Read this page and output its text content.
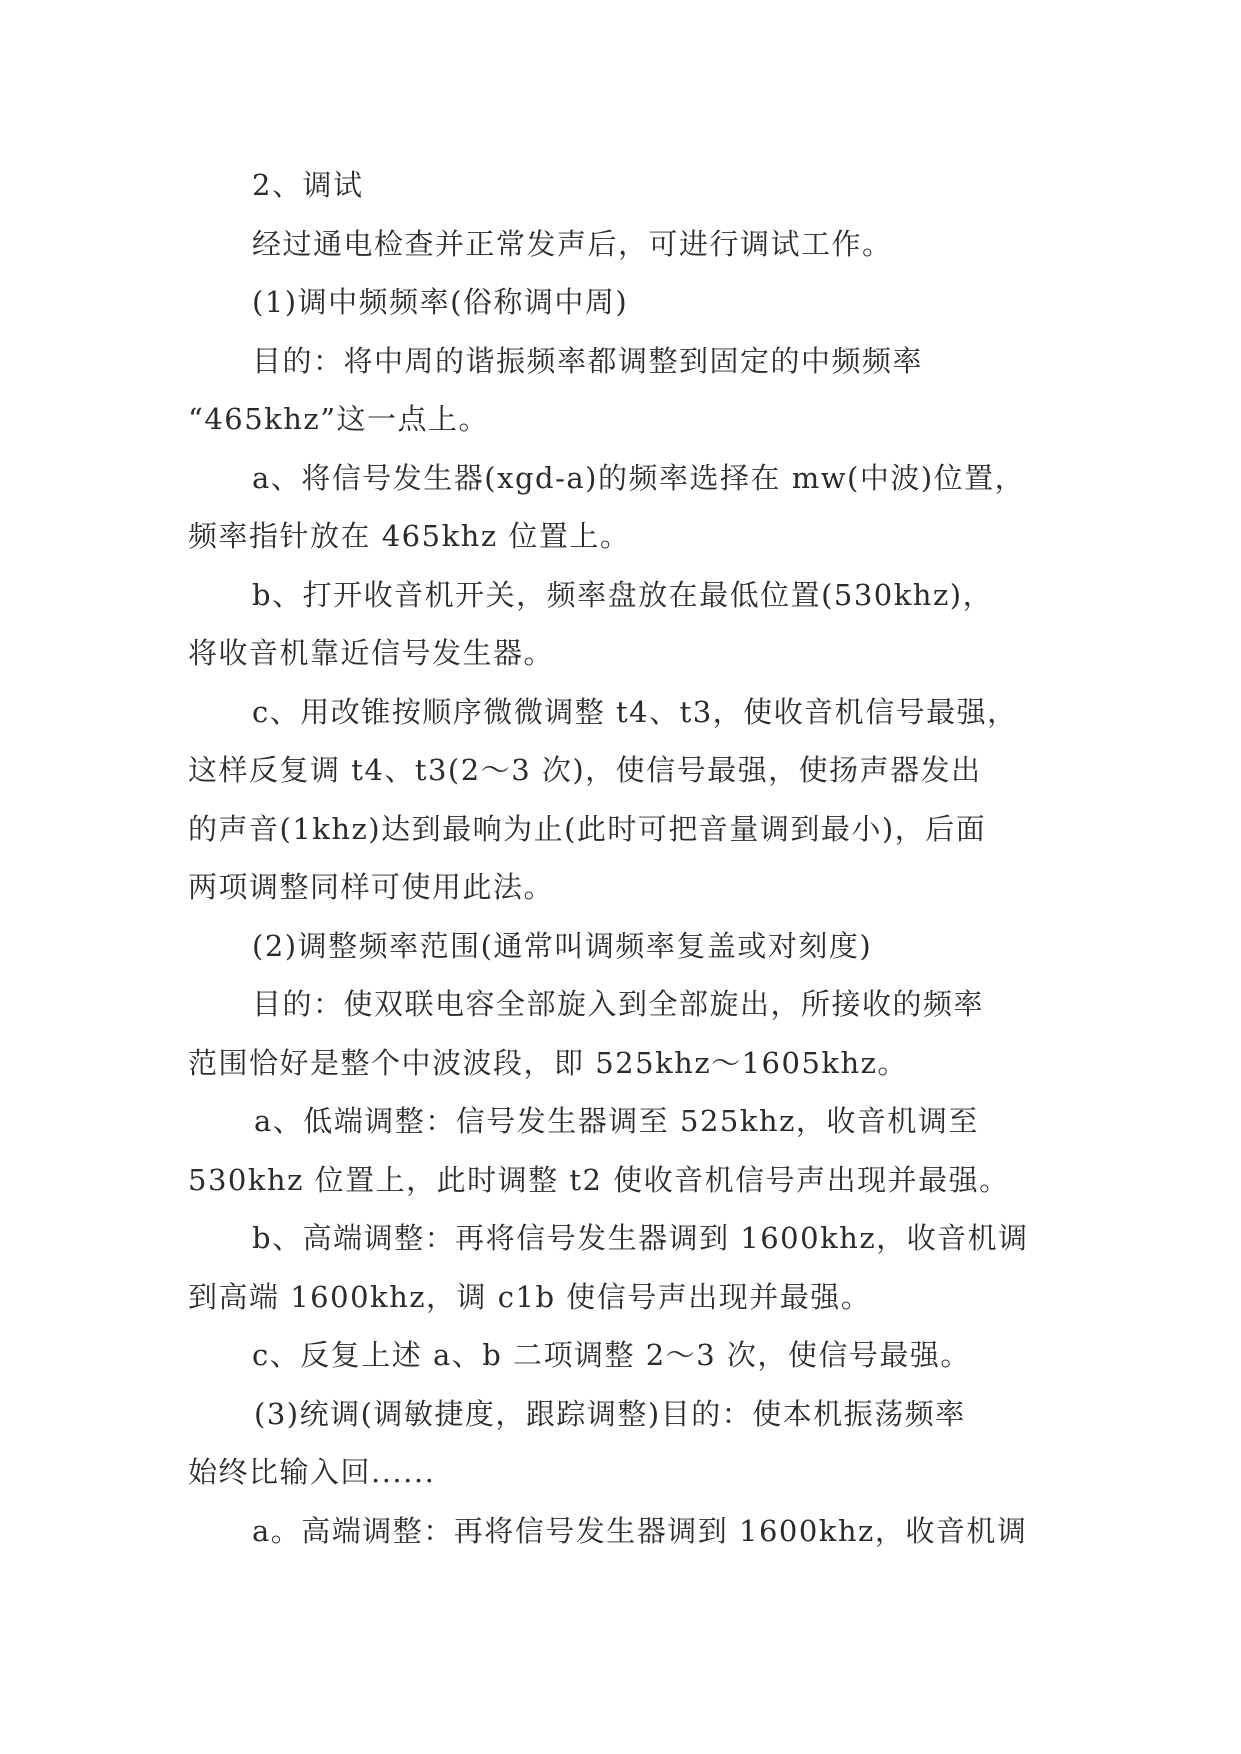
2、调试
经过通电检查并正常发声后，可进行调试工作。
(1)调中频频率(俗称调中周)
目的：将中周的谐振频率都调整到固定的中频频率
“465khz”这一点上。
a、将信号发生器(xgd-a)的频率选择在 mw(中波)位置，
频率指针放在 465khz 位置上。
b、打开收音机开关，频率盘放在最低位置(530khz)，
将收音机靠近信号发生器。
c、用改锥按顺序微微调整 t4、t3，使收音机信号最强，
这样反复调 t4、t3(2～3 次)，使信号最强，使扬声器发出
的声音(1khz)达到最响为止(此时可把音量调到最小)，后面
两项调整同样可使用此法。
(2)调整频率范围(通常叫调频率复盖或对刻度)
目的：使双联电容全部旋入到全部旋出，所接收的频率
范围恰好是整个中波波段，即 525khz～1605khz。
a、低端调整：信号发生器调至 525khz，收音机调至
530khz 位置上，此时调整 t2 使收音机信号声出现并最强。
b、高端调整：再将信号发生器调到 1600khz，收音机调
到高端 1600khz，调 c1b 使信号声出现并最强。
c、反复上述 a、b 二项调整 2～3 次，使信号最强。
(3)统调(调敏捷度，跟踪调整)目的：使本机振荡频率
始终比输入回......
a。高端调整：再将信号发生器调到 1600khz，收音机调
